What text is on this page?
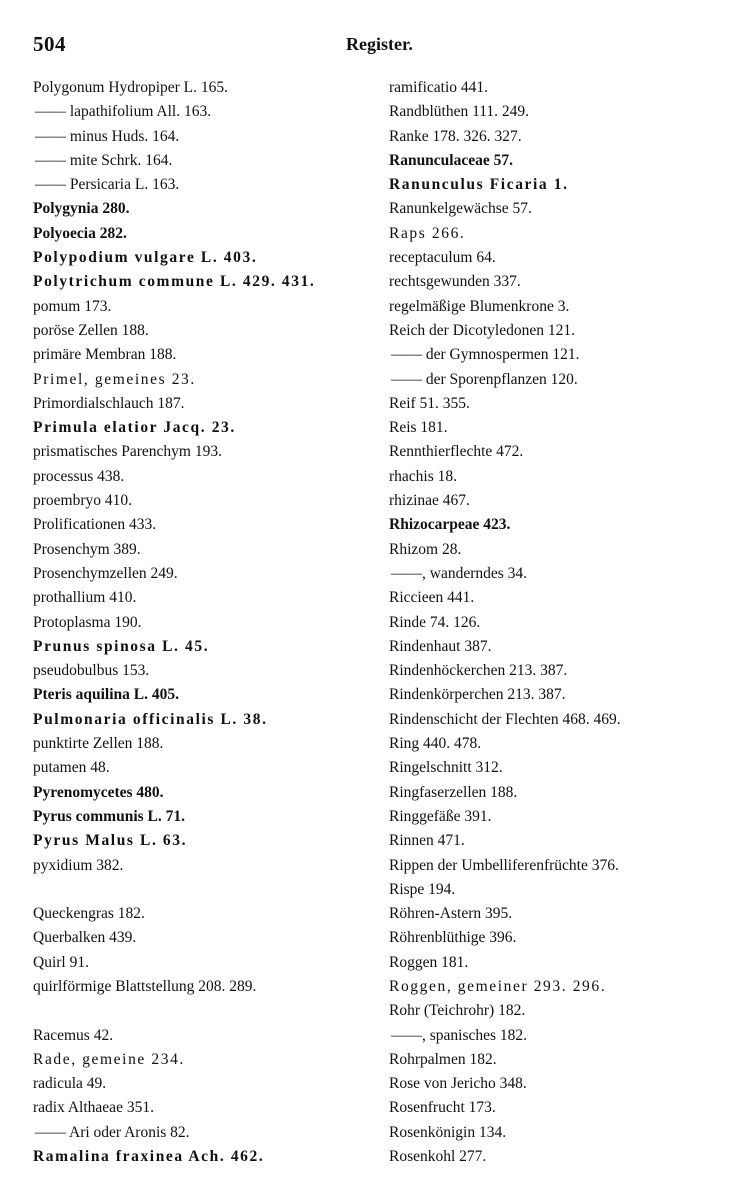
504	Register.
Polygonum Hydropiper L. 165.
—— lapathifolium All. 163.
—— minus Huds. 164.
—— mite Schrk. 164.
—— Persicaria L. 163.
Polygynia 280.
Polyoecia 282.
Polypodium vulgare L. 403.
Polytrichum commune L. 429. 431.
pomum 173.
poröse Zellen 188.
primäre Membran 188.
Primel, gemeines 23.
Primordialschlauch 187.
Primula elatior Jacq. 23.
prismatisches Parenchym 193.
processus 438.
proembryo 410.
Prolificationen 433.
Prosenchym 389.
Prosenchymzellen 249.
prothallium 410.
Protoplasma 190.
Prunus spinosa L. 45.
pseudobulbus 153.
Pteris aquilina L. 405.
Pulmonaria officinalis L. 38.
punktirte Zellen 188.
putamen 48.
Pyrenomycetes 480.
Pyrus communis L. 71.
Pyrus Malus L. 63.
pyxidium 382.
Queckengras 182.
Querbalken 439.
Quirl 91.
quirlförmige Blattstellung 208. 289.
Racemus 42.
Rade, gemeine 234.
radicula 49.
radix Althaeae 351.
—— Ari oder Aronis 82.
Ramalina fraxinea Ach. 462.
ramificatio 441.
Randblüthen 111. 249.
Ranke 178. 326. 327.
Ranunculaceae 57.
Ranunculus Ficaria 1.
Ranunkelgewächse 57.
Raps 266.
receptaculum 64.
rechtsgewunden 337.
regelmäßige Blumenkrone 3.
Reich der Dicotyledonen 121.
—— der Gymnospermen 121.
—— der Sporenpflanzen 120.
Reif 51. 355.
Reis 181.
Rennthierflechte 472.
rhachis 18.
rhizinae 467.
Rhizocarpeae 423.
Rhizom 28.
——, wanderndes 34.
Riccieen 441.
Rinde 74. 126.
Rindenhaut 387.
Rindenhöckerchen 213. 387.
Rindenkörperchen 213. 387.
Rindenschicht der Flechten 468. 469.
Ring 440. 478.
Ringelschnitt 312.
Ringfaserzellen 188.
Ringgefäße 391.
Rinnen 471.
Rippen der Umbelliferenfrüchte 376.
Rispe 194.
Röhren-Astern 395.
Röhrenblüthige 396.
Roggen 181.
Roggen, gemeiner 293. 296.
Rohr (Teichrohr) 182.
——, spanisches 182.
Rohrpalmen 182.
Rose von Jericho 348.
Rosenfrucht 173.
Rosenkönigin 134.
Rosenkohl 277.
